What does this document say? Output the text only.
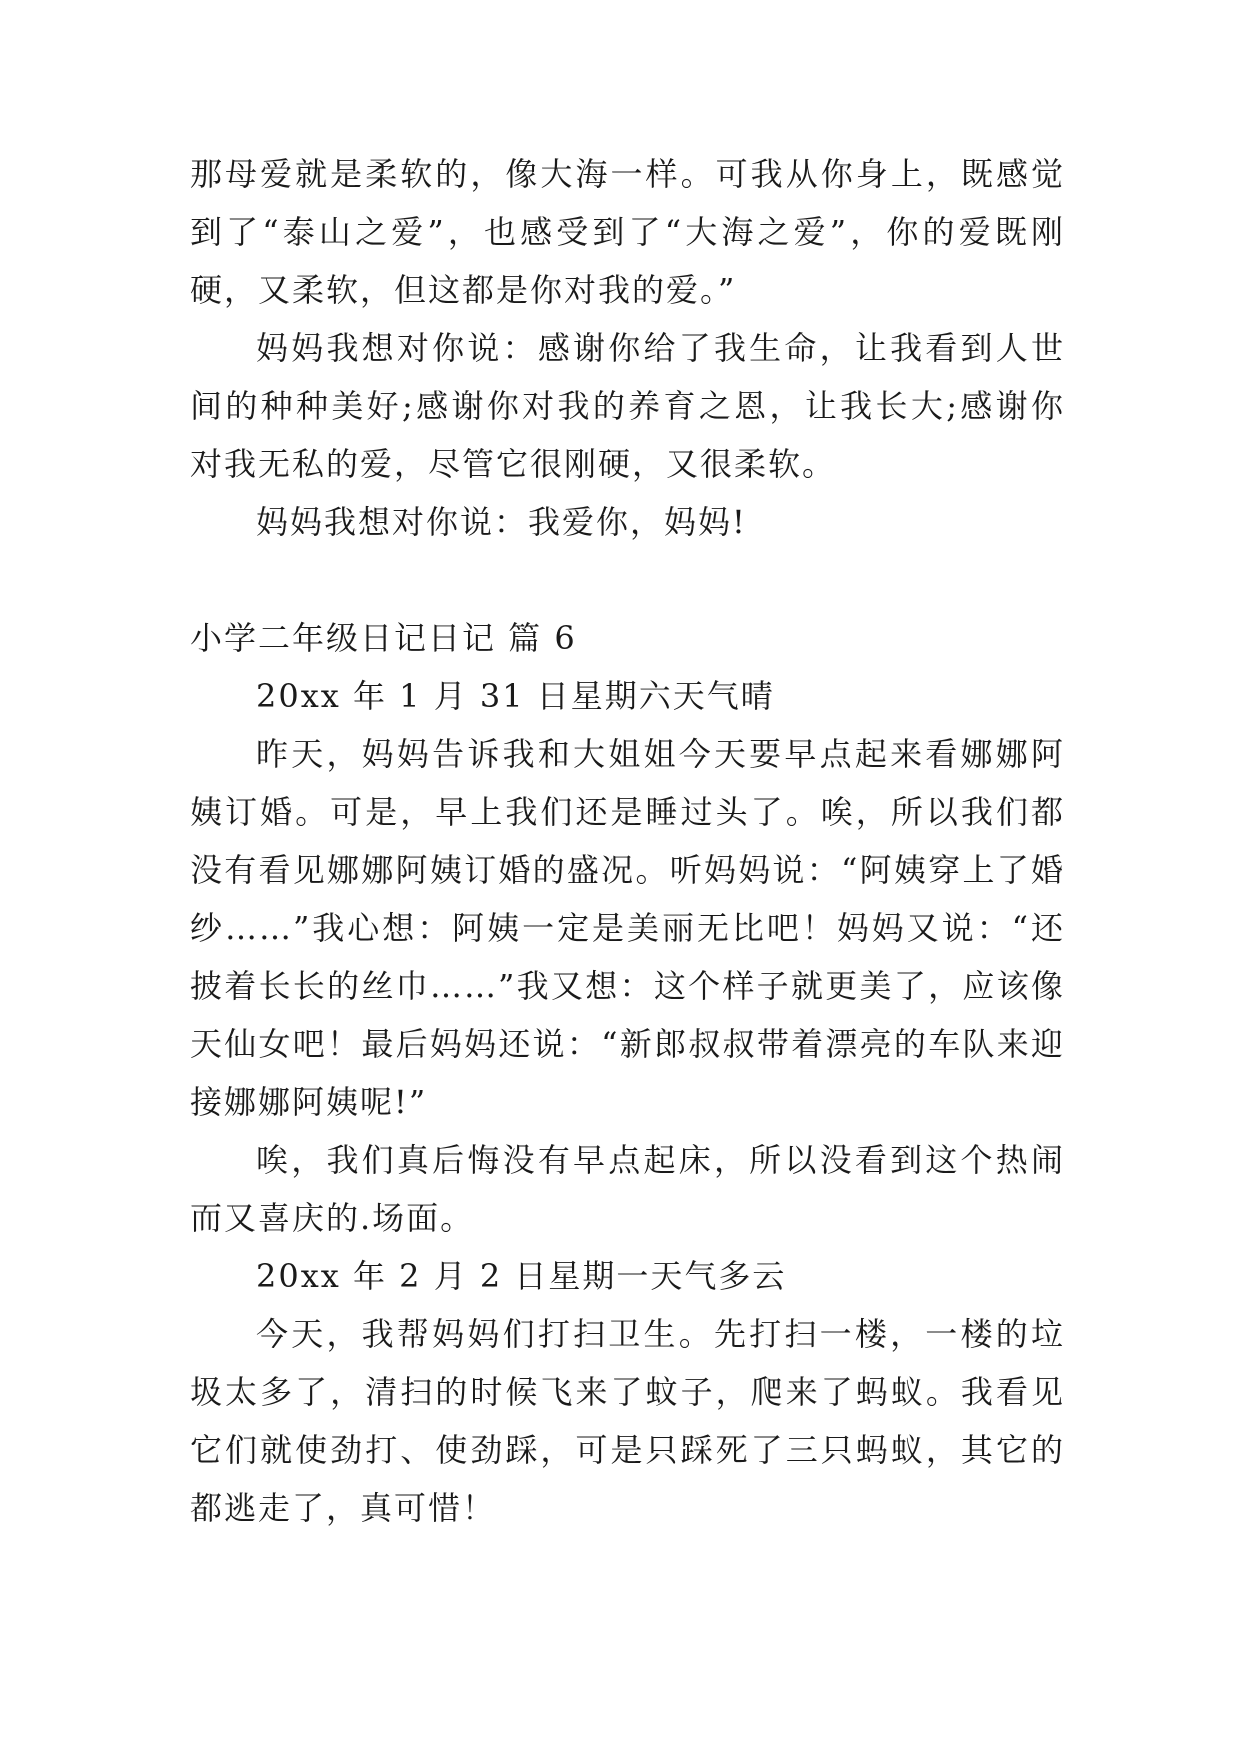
那母爱就是柔软的，像大海一样。可我从你身上，既感觉到了“泰山之爱”，也感受到了“大海之爱”，你的爱既刚硬，又柔软，但这都是你对我的爱。”

妈妈我想对你说：感谢你给了我生命，让我看到人世间的种种美好;感谢你对我的养育之恩，让我长大;感谢你对我无私的爱，尽管它很刚硬，又很柔软。

妈妈我想对你说：我爱你，妈妈!

小学二年级日记日记 篇 6

20xx 年 1 月 31 日星期六天气晴

昨天，妈妈告诉我和大姐姐今天要早点起来看娜娜阿姨订婚。可是，早上我们还是睡过头了。唉，所以我们都没有看见娜娜阿姨订婚的盛况。听妈妈说：“阿姨穿上了婚纱……”我心想：阿姨一定是美丽无比吧！妈妈又说：“还披着长长的丝巾……”我又想：这个样子就更美了，应该像天仙女吧！最后妈妈还说：“新郎叔叔带着漂亮的车队来迎接娜娜阿姨呢!”

唉，我们真后悔没有早点起床，所以没看到这个热闹而又喜庆的.场面。

20xx 年 2 月 2 日星期一天气多云

今天，我帮妈妈们打扫卫生。先打扫一楼，一楼的垃圾太多了，清扫的时候飞来了蚊子，爬来了蚂蚁。我看见它们就使劲打、使劲踩，可是只踩死了三只蚂蚁，其它的都逃走了，真可惜！
